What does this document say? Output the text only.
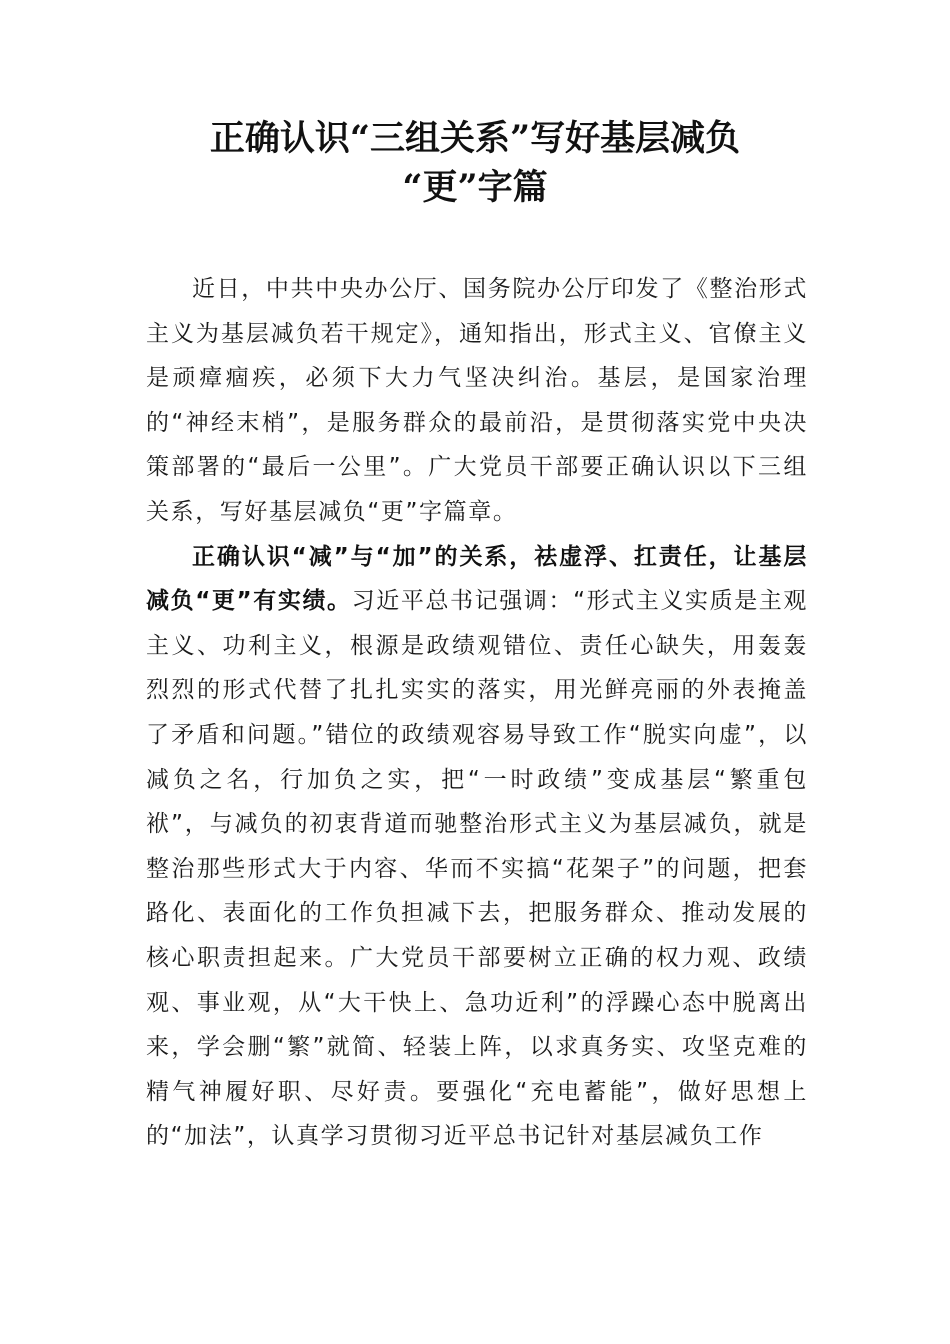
正确认识“三组关系”写好基层减负
“更”字篇

近日，中共中央办公厅、国务院办公厅印发了《整治形式主义为基层减负若干规定》，通知指出，形式主义、官僚主义是顽瘴痼疾，必须下大力气坚决纠治。基层，是国家治理的“神经末梢”，是服务群众的最前沿，是贯彻落实党中央决策部署的“最后一公里”。广大党员干部要正确认识以下三组关系，写好基层减负“更”字篇章。

正确认识“减”与“加”的关系，祛虚浮、扛责任，让基层减负“更”有实绩。习近平总书记强调：“形式主义实质是主观主义、功利主义，根源是政绩观错位、责任心缺失，用轰轰烈烈的形式代替了扎扎实实的落实，用光鲜亮丽的外表掩盖了矛盾和问题。”错位的政绩观容易导致工作“脱实向虚”，以减负之名，行加负之实，把“一时政绩”变成基层“繁重包袱”，与减负的初衷背道而驰整治形式主义为基层减负，就是整治那些形式大于内容、华而不实搞“花架子”的问题，把套路化、表面化的工作负担减下去，把服务群众、推动发展的核心职责担起来。广大党员干部要树立正确的权力观、政绩观、事业观，从“大干快上、急功近利”的浮躁心态中脱离出来，学会删“繁”就简、轻装上阵，以求真务实、攻坚克难的精气神履好职、尽好责。要强化“充电蓄能”，做好思想上的“加法”，认真学习贯彻习近平总书记针对基层减负工作
